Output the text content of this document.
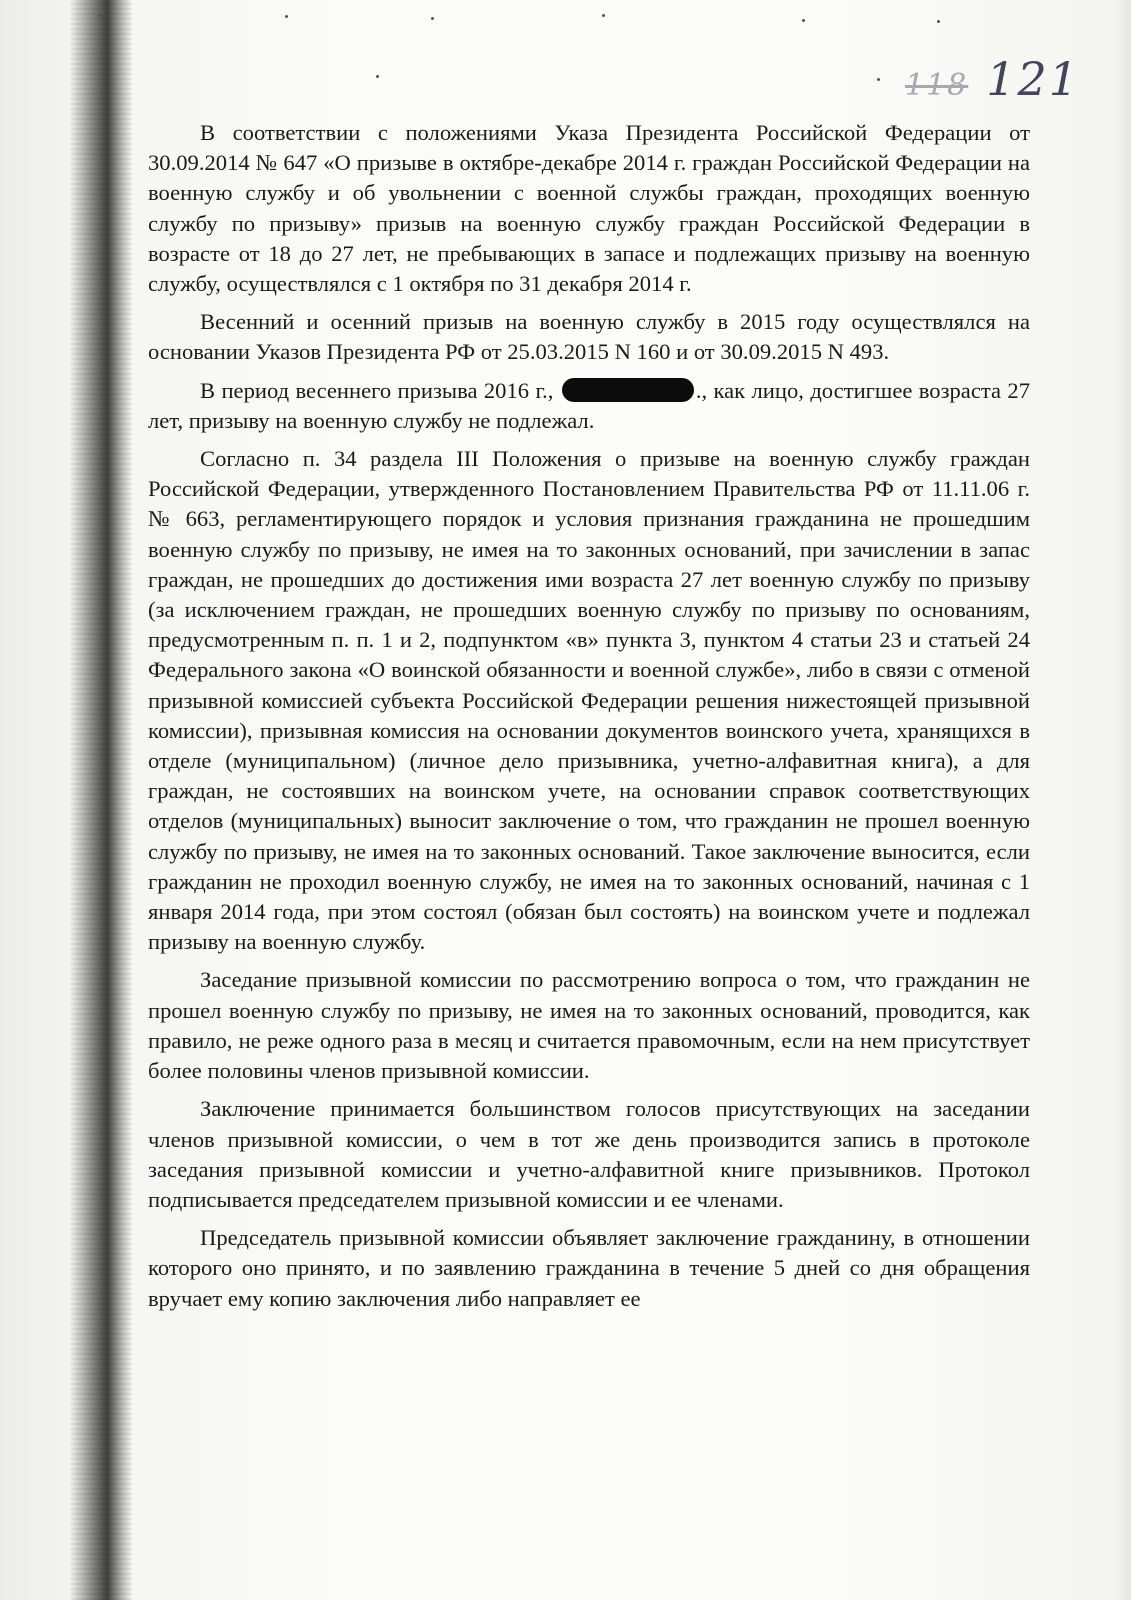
118 121

В соответствии с положениями Указа Президента Российской Федерации от 30.09.2014 № 647 «О призыве в октябре-декабре 2014 г. граждан Российской Федерации на военную службу и об увольнении с военной службы граждан, проходящих военную службу по призыву» призыв на военную службу граждан Российской Федерации в возрасте от 18 до 27 лет, не пребывающих в запасе и подлежащих призыву на военную службу, осуществлялся с 1 октября по 31 декабря 2014 г.

Весенний и осенний призыв на военную службу в 2015 году осуществлялся на основании Указов Президента РФ от 25.03.2015 N 160 и от 30.09.2015 N 493.

В период весеннего призыва 2016 г.,	., как лицо, достигшее возраста 27 лет, призыву на военную службу не подлежал.

Согласно п. 34 раздела III Положения о призыве на военную службу граждан Российской Федерации, утвержденного Постановлением Правительства РФ от 11.11.06 г. № 663, регламентирующего порядок и условия признания гражданина не прошедшим военную службу по призыву, не имея на то законных оснований, при зачислении в запас граждан, не прошедших до достижения ими возраста 27 лет военную службу по призыву (за исключением граждан, не прошедших военную службу по призыву по основаниям, предусмотренным п. п. 1 и 2, подпунктом «в» пункта 3, пунктом 4 статьи 23 и статьей 24 Федерального закона «О воинской обязанности и военной службе», либо в связи с отменой призывной комиссией субъекта Российской Федерации решения нижестоящей призывной комиссии), призывная комиссия на основании документов воинского учета, хранящихся в отделе (муниципальном) (личное дело призывника, учетно-алфавитная книга), а для граждан, не состоявших на воинском учете, на основании справок соответствующих отделов (муниципальных) выносит заключение о том, что гражданин не прошел военную службу по призыву, не имея на то законных оснований. Такое заключение выносится, если гражданин не проходил военную службу, не имея на то законных оснований, начиная с 1 января 2014 года, при этом состоял (обязан был состоять) на воинском учете и подлежал призыву на военную службу.

Заседание призывной комиссии по рассмотрению вопроса о том, что гражданин не прошел военную службу по призыву, не имея на то законных оснований, проводится, как правило, не реже одного раза в месяц и считается правомочным, если на нем присутствует более половины членов призывной комиссии.

Заключение принимается большинством голосов присутствующих на заседании членов призывной комиссии, о чем в тот же день производится запись в протоколе заседания призывной комиссии и учетно-алфавитной книге призывников. Протокол подписывается председателем призывной комиссии и ее членами.

Председатель призывной комиссии объявляет заключение гражданину, в отношении которого оно принято, и по заявлению гражданина в течение 5 дней со дня обращения вручает ему копию заключения либо направляет ее
